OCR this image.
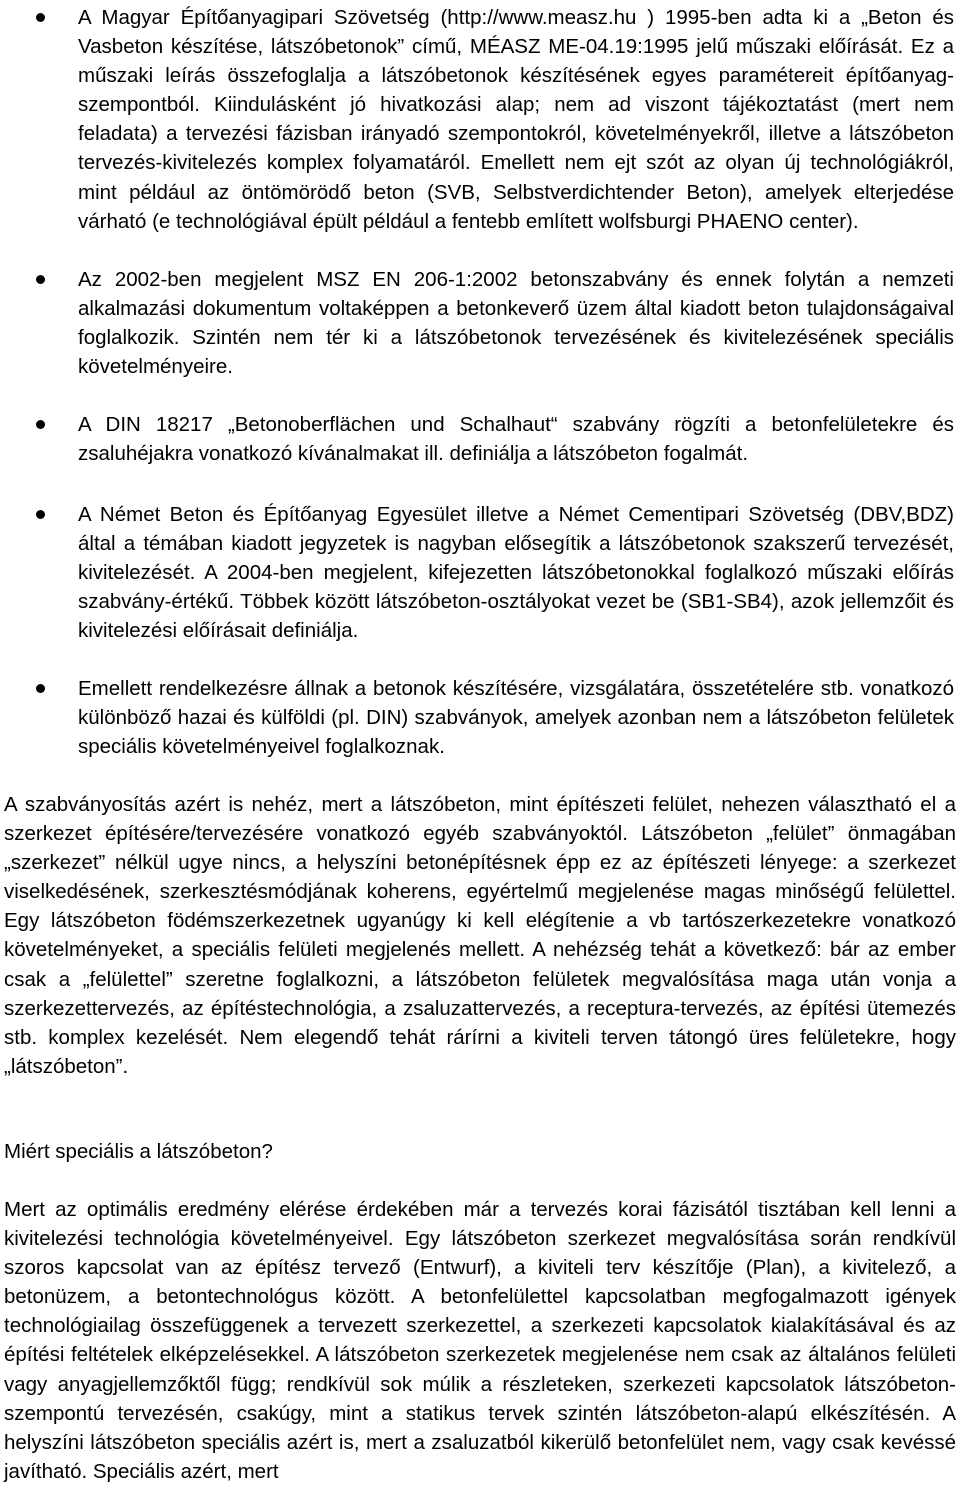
A Magyar Építőanyagipari Szövetség (http://www.measz.hu ) 1995-ben adta ki a „Beton és Vasbeton készítése, látszóbetonok” című, MÉASZ ME-04.19:1995 jelű műszaki előírását. Ez a műszaki leírás összefoglalja a látszóbetonok készítésének egyes paramétereit építőanyag-szempontból. Kiindulásként jó hivatkozási alap; nem ad viszont tájékoztatást (mert nem feladata) a tervezési fázisban irányadó szempontokról, követelményekről, illetve a látszóbeton tervezés-kivitelezés komplex folyamatáról. Emellett nem ejt szót az olyan új technológiákról, mint például az öntömörödő beton (SVB, Selbstverdichtender Beton), amelyek elterjedése várható (e technológiával épült például a fentebb említett wolfsburgi PHAENO center).
Az 2002-ben megjelent MSZ EN 206-1:2002 betonszabvány és ennek folytán a nemzeti alkalmazási dokumentum voltaképpen a betonkeverő üzem által kiadott beton tulajdonságaival foglalkozik. Szintén nem tér ki a látszóbetonok tervezésének és kivitelezésének speciális követelményeire.
A DIN 18217 „Betonoberflächen und Schalhaut“ szabvány rögzíti a betonfelületekre és zsaluhéjakra vonatkozó kívánalmakat ill. definiálja a látszóbeton fogalmát.
A Német Beton és Építőanyag Egyesület illetve a Német Cementipari Szövetség (DBV,BDZ) által a témában kiadott jegyzetek is nagyban elősegítik a látszóbetonok szakszerű tervezését, kivitelezését. A 2004-ben megjelent, kifejezetten látszóbetonokkal foglalkozó műszaki előírás szabvány-értékű. Többek között látszóbeton-osztályokat vezet be (SB1-SB4), azok jellemzőit és kivitelezési előírásait definiálja.
Emellett rendelkezésre állnak a betonok készítésére, vizsgálatára, összetételére stb. vonatkozó különböző hazai és külföldi (pl. DIN) szabványok, amelyek azonban nem a látszóbeton felületek speciális követelményeivel foglalkoznak.

A szabványosítás azért is nehéz, mert a látszóbeton, mint építészeti felület, nehezen választható el a szerkezet építésére/tervezésére vonatkozó egyéb szabványoktól. Látszóbeton „felület” önmagában „szerkezet” nélkül ugye nincs, a helyszíni betonépítésnek épp ez az építészeti lényege: a szerkezet viselkedésének, szerkesztésmódjának koherens, egyértelmű megjelenése magas minőségű felülettel. Egy látszóbeton födémszerkezetnek ugyanúgy ki kell elégítenie a vb tartószerkezetekre vonatkozó követelményeket, a speciális felületi megjelenés mellett. A nehézség tehát a következő: bár az ember csak a „felülettel” szeretne foglalkozni, a látszóbeton felületek megvalósítása maga után vonja a szerkezettervezés, az építéstechnológia, a zsaluzattervezés, a receptura-tervezés, az építési ütemezés stb. komplex kezelését. Nem elegendő tehát rárírni a kiviteli terven tátongó üres felületekre, hogy „látszóbeton”.

Miért speciális a látszóbeton?

Mert az optimális eredmény elérése érdekében már a tervezés korai fázisától tisztában kell lenni a kivitelezési technológia követelményeivel. Egy látszóbeton szerkezet megvalósítása során rendkívül szoros kapcsolat van az építész tervező (Entwurf), a kiviteli terv készítője (Plan), a kivitelező, a betonüzem, a betontechnológus között. A betonfelülettel kapcsolatban megfogalmazott igények technológiailag összefüggenek a tervezett szerkezettel, a szerkezeti kapcsolatok kialakításával és az építési feltételek elképzelésekkel. A látszóbeton szerkezetek megjelenése nem csak az általános felületi vagy anyagjellemzőktől függ; rendkívül sok múlik a részleteken, szerkezeti kapcsolatok látszóbeton-szempontú tervezésén, csakúgy, mint a statikus tervek szintén látszóbeton-alapú elkészítésén. A helyszíni látszóbeton speciális azért is, mert a zsaluzatból kikerülő betonfelület nem, vagy csak kevéssé javítható. Speciális azért, mert
